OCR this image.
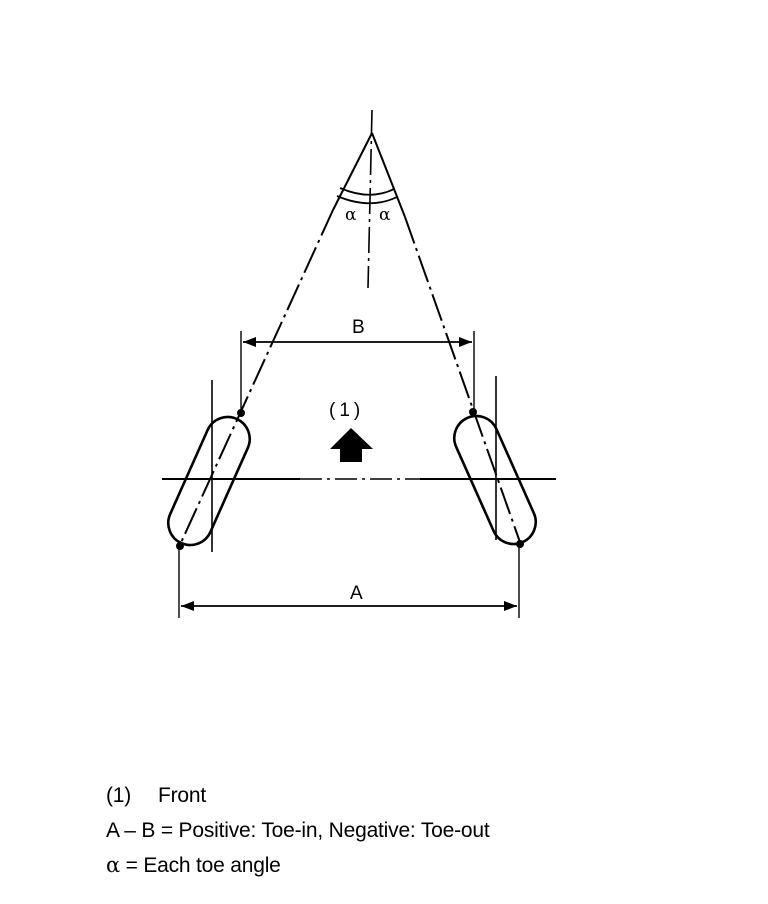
α α
B
A
(1)
(1) Front
A – B = Positive: Toe-in, Negative: Toe-out
α = Each toe angle
